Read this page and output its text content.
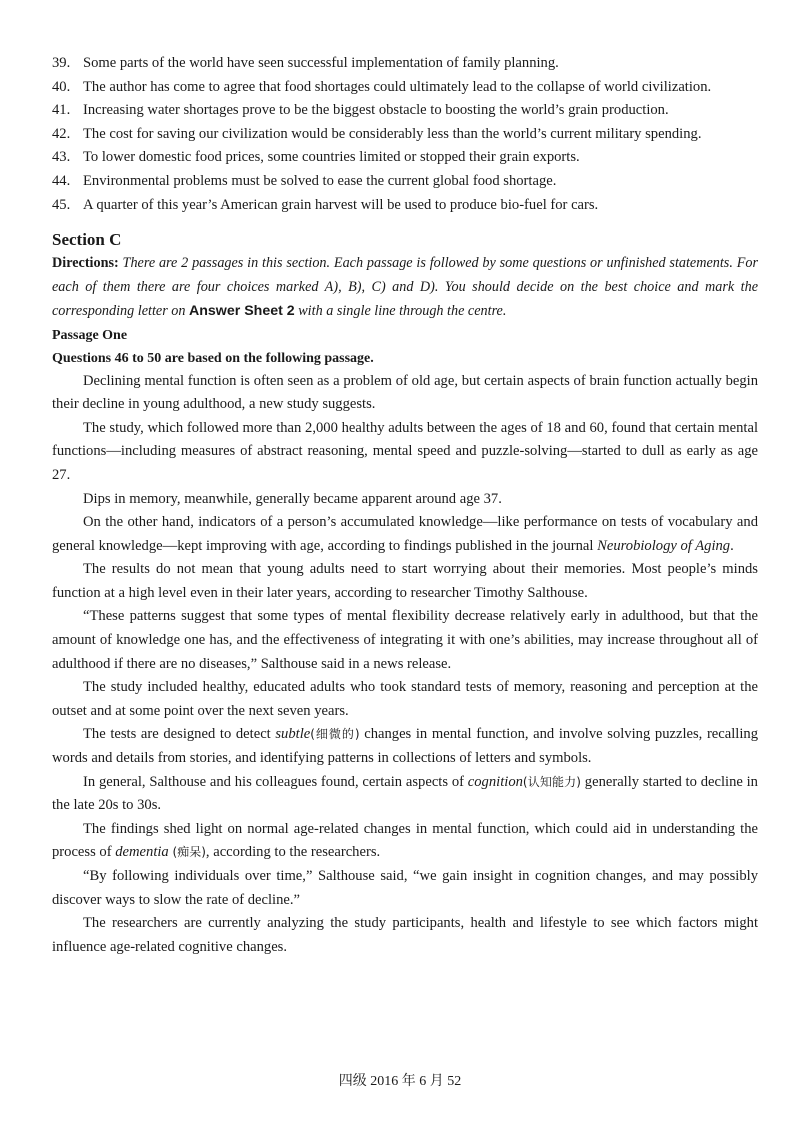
39. Some parts of the world have seen successful implementation of family planning.
40. The author has come to agree that food shortages could ultimately lead to the collapse of world civilization.
41. Increasing water shortages prove to be the biggest obstacle to boosting the world’s grain production.
42. The cost for saving our civilization would be considerably less than the world’s current military spending.
43. To lower domestic food prices, some countries limited or stopped their grain exports.
44. Environmental problems must be solved to ease the current global food shortage.
45. A quarter of this year’s American grain harvest will be used to produce bio-fuel for cars.
Section C
Directions: There are 2 passages in this section. Each passage is followed by some questions or unfinished statements. For each of them there are four choices marked A), B), C) and D). You should decide on the best choice and mark the corresponding letter on Answer Sheet 2 with a single line through the centre.
Passage One
Questions 46 to 50 are based on the following passage.

Declining mental function is often seen as a problem of old age, but certain aspects of brain function actually begin their decline in young adulthood, a new study suggests.

The study, which followed more than 2,000 healthy adults between the ages of 18 and 60, found that certain mental functions—including measures of abstract reasoning, mental speed and puzzle-solving—started to dull as early as age 27.

Dips in memory, meanwhile, generally became apparent around age 37.

On the other hand, indicators of a person’s accumulated knowledge—like performance on tests of vocabulary and general knowledge—kept improving with age, according to findings published in the journal Neurobiology of Aging.

The results do not mean that young adults need to start worrying about their memories. Most people’s minds function at a high level even in their later years, according to researcher Timothy Salthouse.

“These patterns suggest that some types of mental flexibility decrease relatively early in adulthood, but that the amount of knowledge one has, and the effectiveness of integrating it with one’s abilities, may increase throughout all of adulthood if there are no diseases,” Salthouse said in a news release.

The study included healthy, educated adults who took standard tests of memory, reasoning and perception at the outset and at some point over the next seven years.

The tests are designed to detect subtle(细微的) changes in mental function, and involve solving puzzles, recalling words and details from stories, and identifying patterns in collections of letters and symbols.

In general, Salthouse and his colleagues found, certain aspects of cognition(认知能力) generally started to decline in the late 20s to 30s.

The findings shed light on normal age-related changes in mental function, which could aid in understanding the process of dementia (痴呆), according to the researchers.

“By following individuals over time,” Salthouse said, “we gain insight in cognition changes, and may possibly discover ways to slow the rate of decline.”

The researchers are currently analyzing the study participants, health and lifestyle to see which factors might influence age-related cognitive changes.

四级 2016 年 6 月 52
